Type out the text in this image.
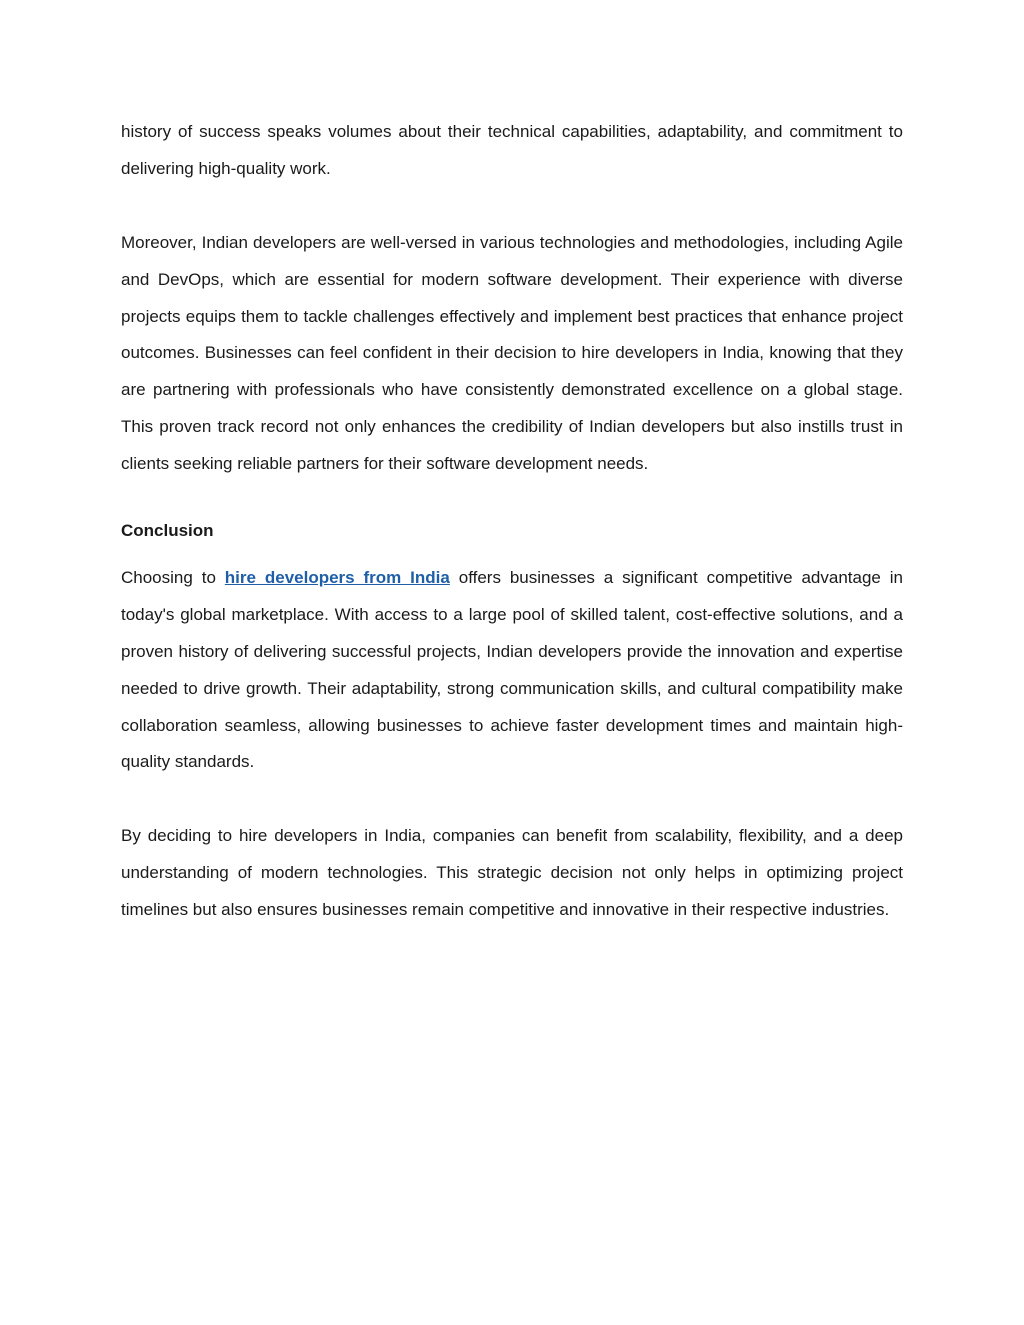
history of success speaks volumes about their technical capabilities, adaptability, and commitment to delivering high-quality work.

Moreover, Indian developers are well-versed in various technologies and methodologies, including Agile and DevOps, which are essential for modern software development. Their experience with diverse projects equips them to tackle challenges effectively and implement best practices that enhance project outcomes. Businesses can feel confident in their decision to hire developers in India, knowing that they are partnering with professionals who have consistently demonstrated excellence on a global stage. This proven track record not only enhances the credibility of Indian developers but also instills trust in clients seeking reliable partners for their software development needs.

Conclusion

Choosing to hire developers from India offers businesses a significant competitive advantage in today's global marketplace. With access to a large pool of skilled talent, cost-effective solutions, and a proven history of delivering successful projects, Indian developers provide the innovation and expertise needed to drive growth. Their adaptability, strong communication skills, and cultural compatibility make collaboration seamless, allowing businesses to achieve faster development times and maintain high-quality standards.

By deciding to hire developers in India, companies can benefit from scalability, flexibility, and a deep understanding of modern technologies. This strategic decision not only helps in optimizing project timelines but also ensures businesses remain competitive and innovative in their respective industries.
